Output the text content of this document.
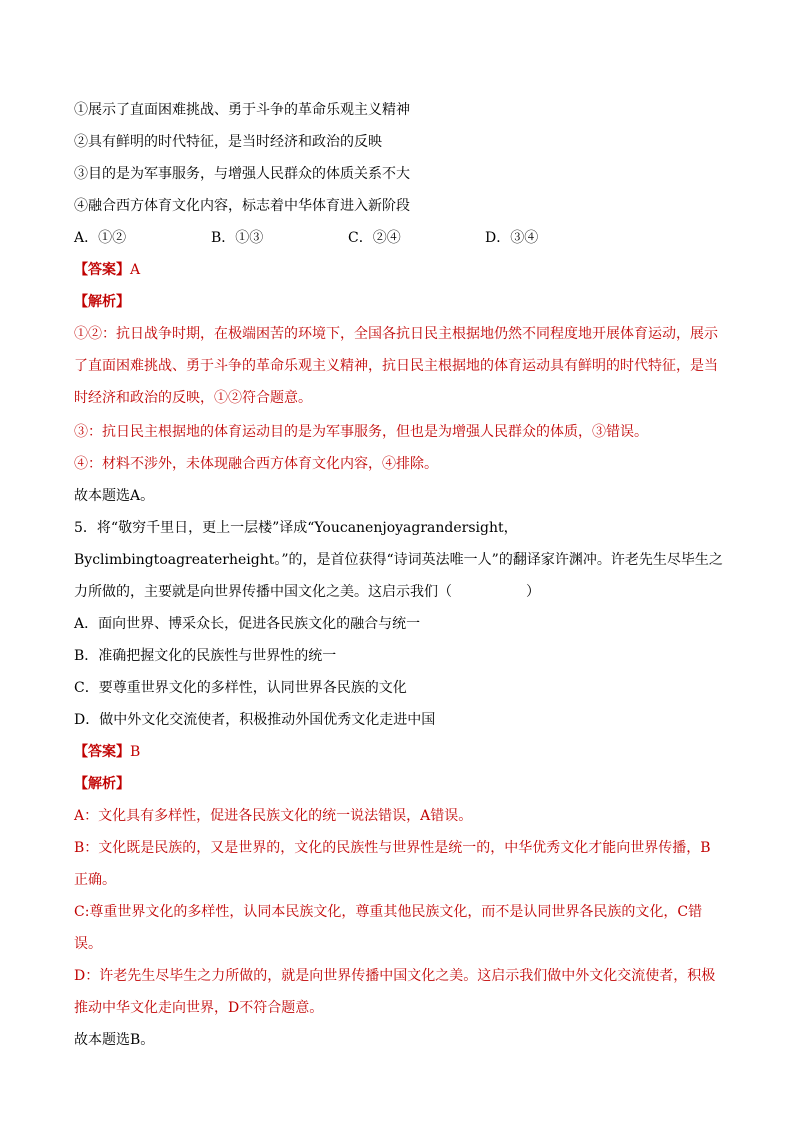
①展示了直面困难挑战、勇于斗争的革命乐观主义精神
②具有鲜明的时代特征，是当时经济和政治的反映
③目的是为军事服务，与增强人民群众的体质关系不大
④融合西方体育文化内容，标志着中华体育进入新阶段
A．①②	B．①③	C．②④	D．③④
【答案】A
【解析】
①②：抗日战争时期，在极端困苦的环境下，全国各抗日民主根据地仍然不同程度地开展体育运动，展示了直面困难挑战、勇于斗争的革命乐观主义精神，抗日民主根据地的体育运动具有鲜明的时代特征，是当时经济和政治的反映，①②符合题意。
③：抗日民主根据地的体育运动目的是为军事服务，但也是为增强人民群众的体质，③错误。
④：材料不涉外，未体现融合西方体育文化内容，④排除。
故本题选A。
5．将“敬穷千里日，更上一层楼”译成“Youcanenjoyagrandersight，Byclimbingtoagreaterheight。”的，是首位获得“诗词英法唯一人”的翻译家许渊冲。许老先生尽毕生之力所做的，主要就是向世界传播中国文化之美。这启示我们（	）
A．面向世界、博采众长，促进各民族文化的融合与统一
B．准确把握文化的民族性与世界性的统一
C．要尊重世界文化的多样性，认同世界各民族的文化
D．做中外文化交流使者，积极推动外国优秀文化走进中国
【答案】B
【解析】
A：文化具有多样性，促进各民族文化的统一说法错误，A错误。
B：文化既是民族的，又是世界的，文化的民族性与世界性是统一的，中华优秀文化才能向世界传播，B正确。
C:尊重世界文化的多样性，认同本民族文化，尊重其他民族文化，而不是认同世界各民族的文化，C错误。
D：许老先生尽毕生之力所做的，就是向世界传播中国文化之美。这启示我们做中外文化交流使者，积极推动中华文化走向世界，D不符合题意。
故本题选B。
